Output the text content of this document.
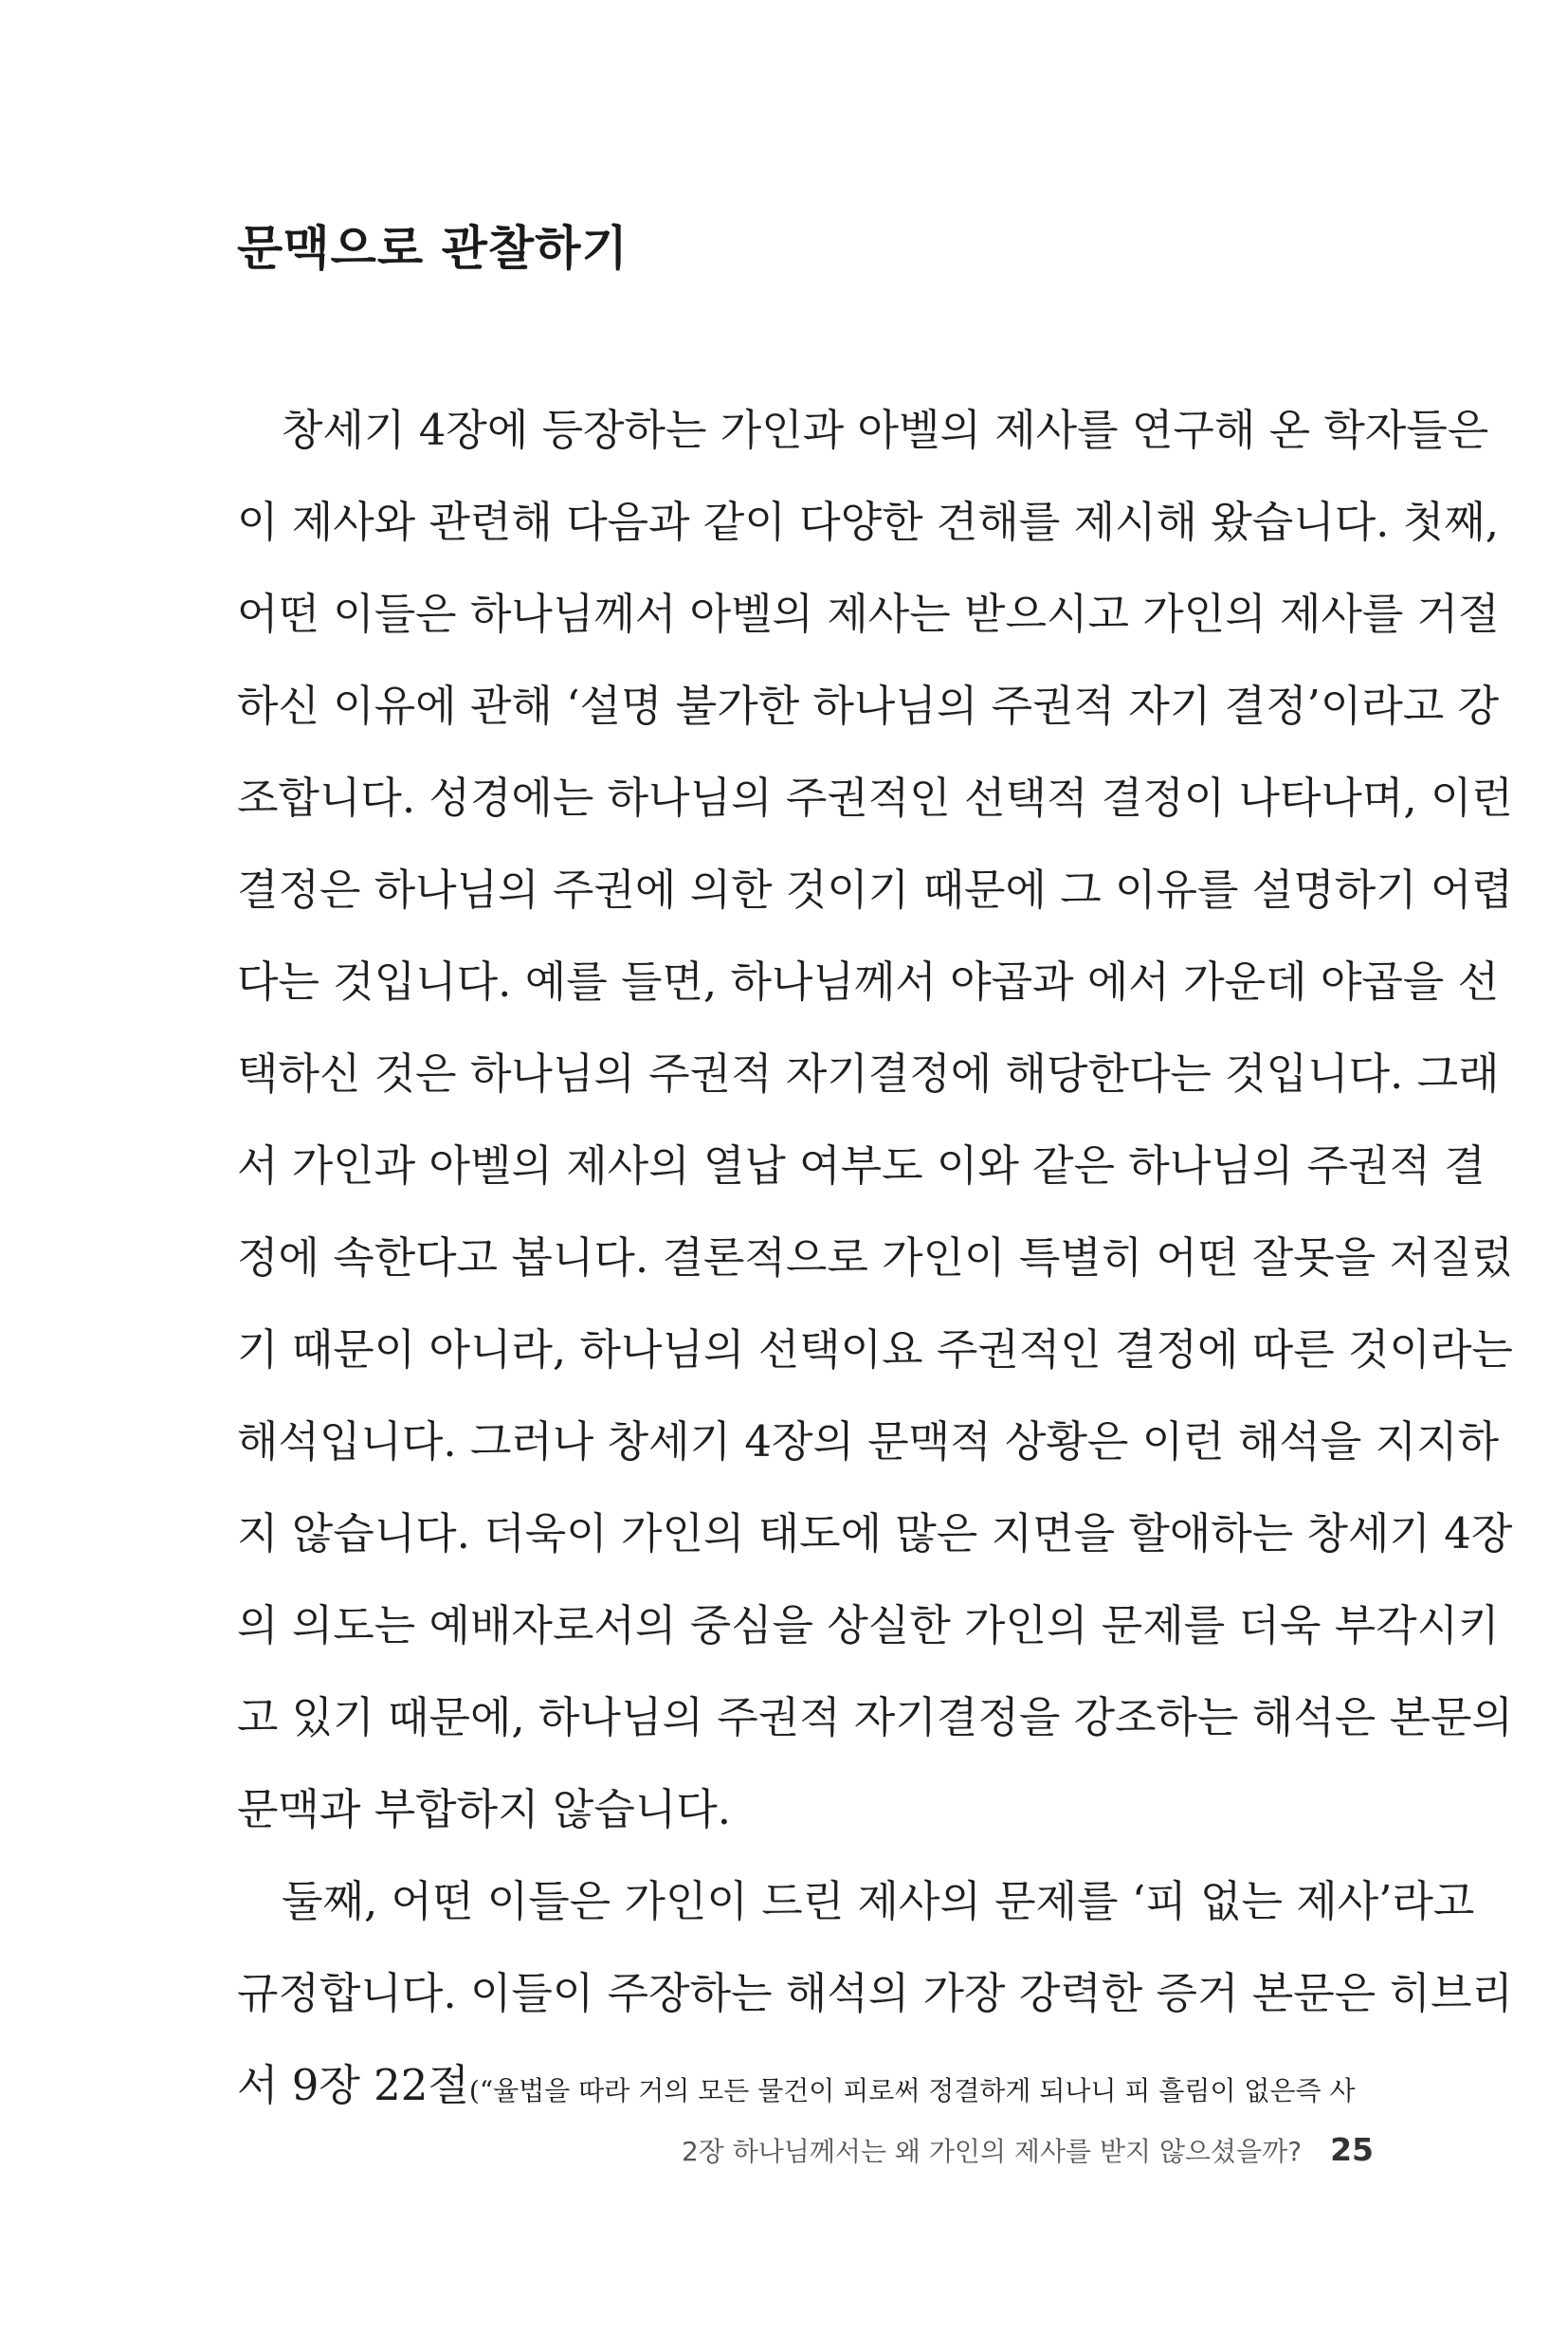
문맥으로 관찰하기
창세기 4장에 등장하는 가인과 아벨의 제사를 연구해 온 학자들은
이 제사와 관련해 다음과 같이 다양한 견해를 제시해 왔습니다. 첫째,
어떤 이들은 하나님께서 아벨의 제사는 받으시고 가인의 제사를 거절
하신 이유에 관해 ‘설명 불가한 하나님의 주권적 자기 결정’이라고 강
조합니다. 성경에는 하나님의 주권적인 선택적 결정이 나타나며, 이런
결정은 하나님의 주권에 의한 것이기 때문에 그 이유를 설명하기 어렵
다는 것입니다. 예를 들면, 하나님께서 야곱과 에서 가운데 야곱을 선
택하신 것은 하나님의 주권적 자기결정에 해당한다는 것입니다. 그래
서 가인과 아벨의 제사의 열납 여부도 이와 같은 하나님의 주권적 결
정에 속한다고 봅니다. 결론적으로 가인이 특별히 어떤 잘못을 저질렀
기 때문이 아니라, 하나님의 선택이요 주권적인 결정에 따른 것이라는
해석입니다. 그러나 창세기 4장의 문맥적 상황은 이런 해석을 지지하
지 않습니다. 더욱이 가인의 태도에 많은 지면을 할애하는 창세기 4장
의 의도는 예배자로서의 중심을 상실한 가인의 문제를 더욱 부각시키
고 있기 때문에, 하나님의 주권적 자기결정을 강조하는 해석은 본문의
문맥과 부합하지 않습니다.
둘째, 어떤 이들은 가인이 드린 제사의 문제를 ‘피 없는 제사’라고
규정합니다. 이들이 주장하는 해석의 가장 강력한 증거 본문은 히브리
서 9장 22절(“율법을 따라 거의 모든 물건이 피로써 정결하게 되나니 피 흘림이 없은즉 사
2장 하나님께서는 왜 가인의 제사를 받지 않으셨을까? 25
